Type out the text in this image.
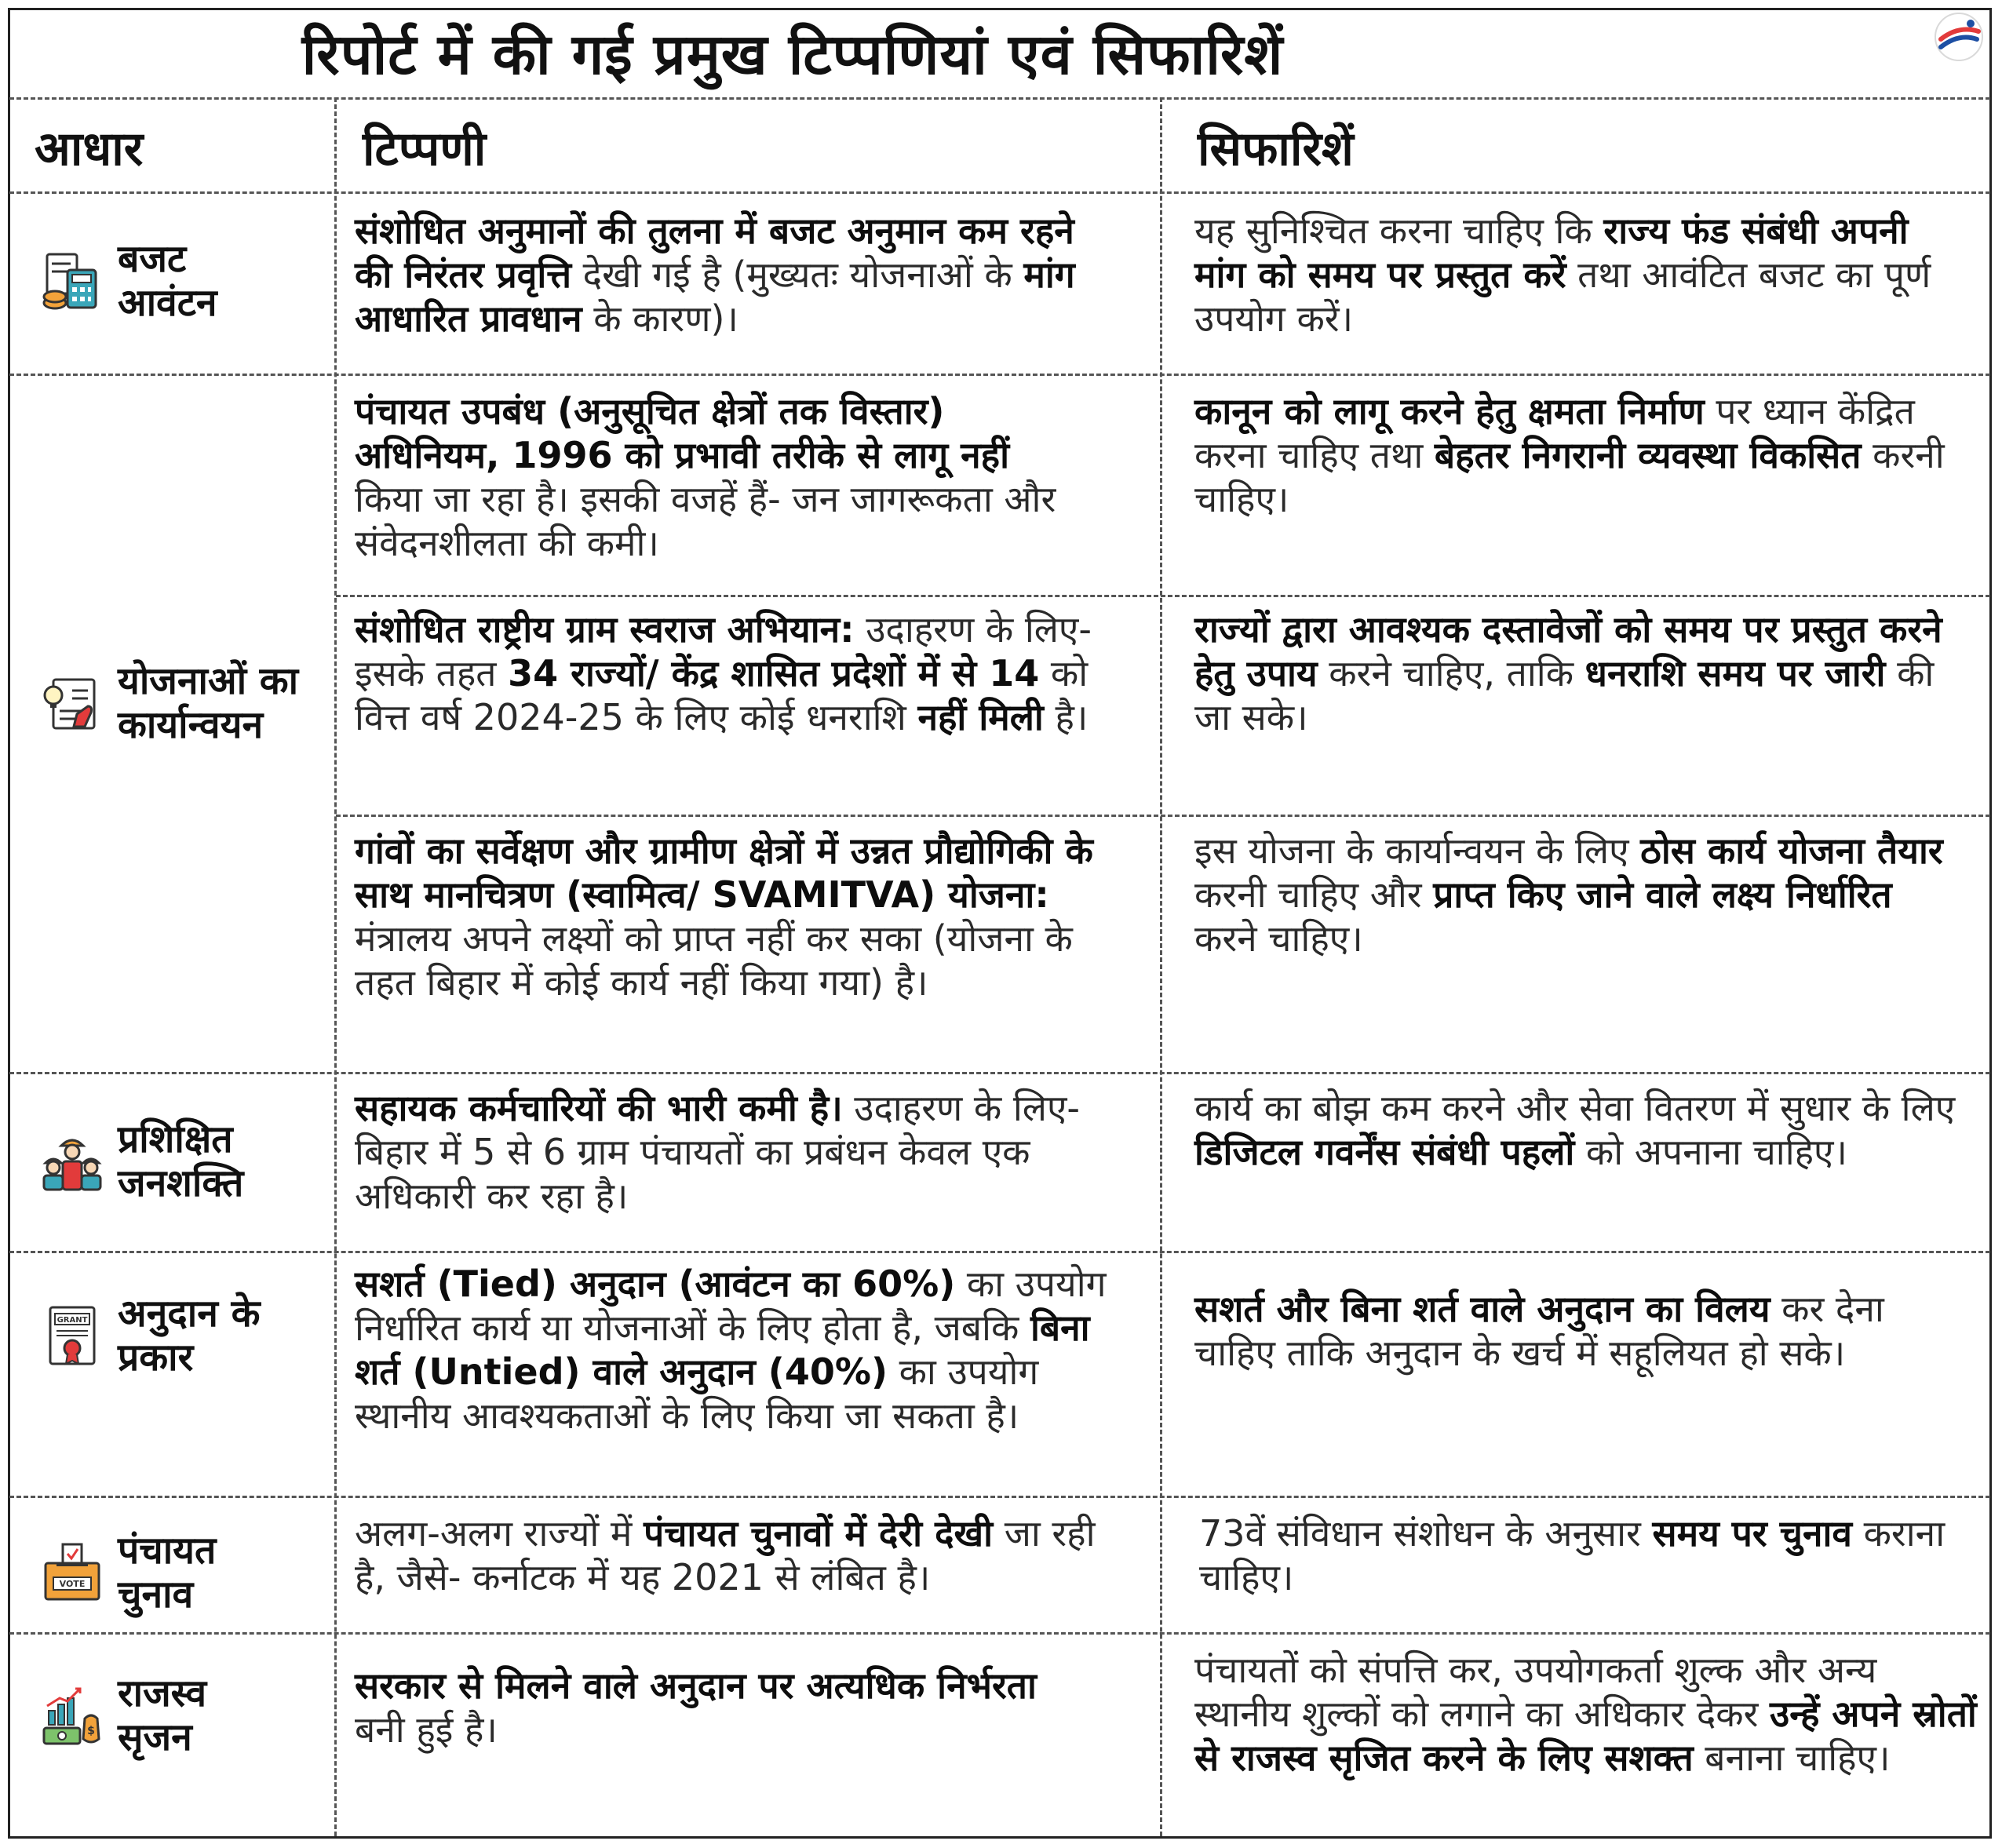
रिपोर्ट में की गई प्रमुख टिप्पणियां एवं सिफारिशें
आधार	टिप्पणी	सिफारिशें
बजट
आवंटन
संशोधित अनुमानों की तुलना में बजट अनुमान कम रहने की निरंतर प्रवृत्ति देखी गई है (मुख्यतः योजनाओं के मांग आधारित प्रावधान के कारण)।
यह सुनिश्चित करना चाहिए कि राज्य फंड संबंधी अपनी मांग को समय पर प्रस्तुत करें तथा आवंटित बजट का पूर्ण उपयोग करें।
योजनाओं का
कार्यान्वयन
पंचायत उपबंध (अनुसूचित क्षेत्रों तक विस्तार) अधिनियम, 1996 को प्रभावी तरीके से लागू नहीं किया जा रहा है। इसकी वजहें हैं- जन जागरूकता और संवेदनशीलता की कमी।
कानून को लागू करने हेतु क्षमता निर्माण पर ध्यान केंद्रित करना चाहिए तथा बेहतर निगरानी व्यवस्था विकसित करनी चाहिए।
संशोधित राष्ट्रीय ग्राम स्वराज अभियान: उदाहरण के लिए- इसके तहत 34 राज्यों/ केंद्र शासित प्रदेशों में से 14 को वित्त वर्ष 2024-25 के लिए कोई धनराशि नहीं मिली है।
राज्यों द्वारा आवश्यक दस्तावेजों को समय पर प्रस्तुत करने हेतु उपाय करने चाहिए, ताकि धनराशि समय पर जारी की जा सके।
गांवों का सर्वेक्षण और ग्रामीण क्षेत्रों में उन्नत प्रौद्योगिकी के साथ मानचित्रण (स्वामित्व/ SVAMITVA) योजना: मंत्रालय अपने लक्ष्यों को प्राप्त नहीं कर सका (योजना के तहत बिहार में कोई कार्य नहीं किया गया) है।
इस योजना के कार्यान्वयन के लिए ठोस कार्य योजना तैयार करनी चाहिए और प्राप्त किए जाने वाले लक्ष्य निर्धारित करने चाहिए।
प्रशिक्षित
जनशक्ति
सहायक कर्मचारियों की भारी कमी है। उदाहरण के लिए- बिहार में 5 से 6 ग्राम पंचायतों का प्रबंधन केवल एक अधिकारी कर रहा है।
कार्य का बोझ कम करने और सेवा वितरण में सुधार के लिए डिजिटल गवर्नेंस संबंधी पहलों को अपनाना चाहिए।
GRANT अनुदान के
प्रकार
सशर्त (Tied) अनुदान (आवंटन का 60%) का उपयोग निर्धारित कार्य या योजनाओं के लिए होता है, जबकि बिना शर्त (Untied) वाले अनुदान (40%) का उपयोग स्थानीय आवश्यकताओं के लिए किया जा सकता है।
सशर्त और बिना शर्त वाले अनुदान का विलय कर देना चाहिए ताकि अनुदान के खर्च में सहूलियत हो सके।
VOTE
पंचायत
चुनाव
अलग-अलग राज्यों में पंचायत चुनावों में देरी देखी जा रही है, जैसे- कर्नाटक में यह 2021 से लंबित है।
73वें संविधान संशोधन के अनुसार समय पर चुनाव कराना चाहिए।
$
राजस्व
सृजन
सरकार से मिलने वाले अनुदान पर अत्यधिक निर्भरता बनी हुई है।
पंचायतों को संपत्ति कर, उपयोगकर्ता शुल्क और अन्य स्थानीय शुल्कों को लगाने का अधिकार देकर उन्हें अपने स्रोतों से राजस्व सृजित करने के लिए सशक्त बनाना चाहिए।
